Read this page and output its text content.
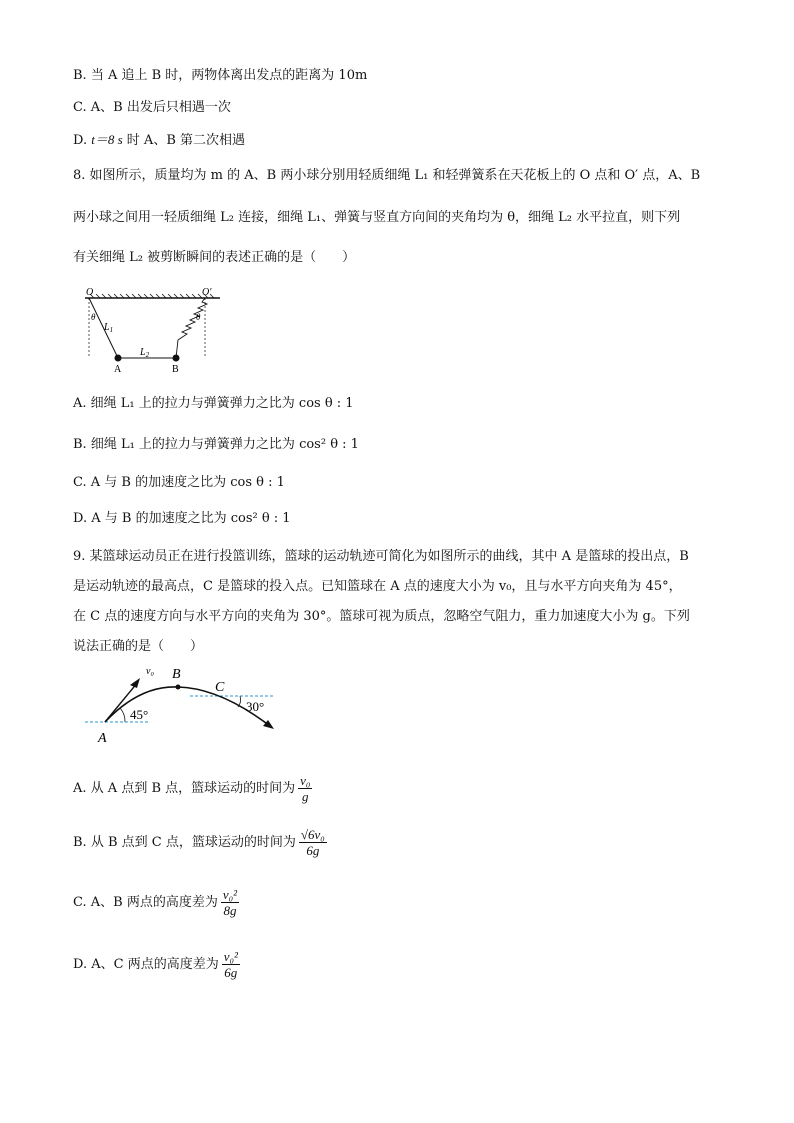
B. 当 A 追上 B 时，两物体离出发点的距离为 10m
C. A、B 出发后只相遇一次
D. t＝8 s 时 A、B 第二次相遇
8. 如图所示，质量均为 m 的 A、B 两小球分别用轻质细绳 L₁ 和轻弹簧系在天花板上的 O 点和 O′ 点，A、B
两小球之间用一轻质细绳 L₂ 连接，细绳 L₁、弹簧与竖直方向间的夹角均为 θ，细绳 L₂ 水平拉直，则下列
有关细绳 L₂ 被剪断瞬间的表述正确的是（　　）
O	O′
θ	θ
$L_1$
$L_2$
A	B
A. 细绳 L₁ 上的拉力与弹簧弹力之比为 cos θ : 1
B. 细绳 L₁ 上的拉力与弹簧弹力之比为 cos² θ : 1
C. A 与 B 的加速度之比为 cos θ : 1
D. A 与 B 的加速度之比为 cos² θ : 1
9. 某篮球运动员正在进行投篮训练，篮球的运动轨迹可简化为如图所示的曲线，其中 A 是篮球的投出点，B
是运动轨迹的最高点，C 是篮球的投入点。已知篮球在 A 点的速度大小为 v₀，且与水平方向夹角为 45°，
在 C 点的速度方向与水平方向的夹角为 30°。篮球可视为质点，忽略空气阻力，重力加速度大小为 g。下列
说法正确的是（　　）
v₀ B
C
A
45°
30°
A. 从 A 点到 B 点，篮球运动的时间为 $\frac{\text{v₀}}{g}$
B. 从 B 点到 C 点，篮球运动的时间为 $\frac{\text{√6v₀}}{6g}$
C. A、B 两点的高度差为 $\frac{\text{v₀²}}{8g}$
D. A、C 两点的高度差为 $\frac{\text{v₀²}}{6g}$
